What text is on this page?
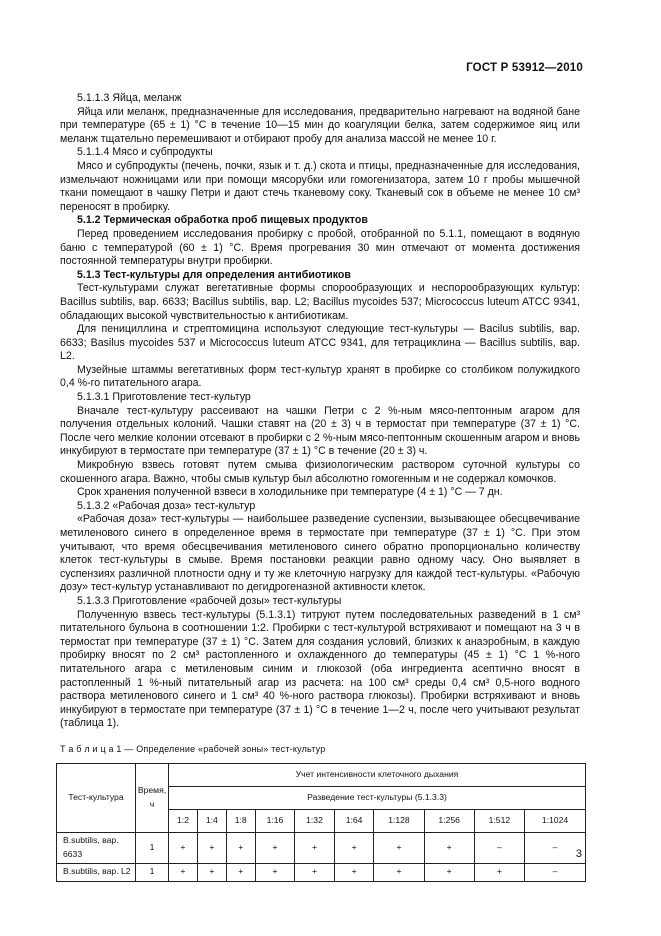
ГОСТ Р 53912—2010

5.1.1.3 Яйца, меланж

Яйца или меланж, предназначенные для исследования, предварительно нагревают на водяной бане при температуре (65 ± 1) °С в течение 10—15 мин до коагуляции белка, затем содержимое яиц или меланж тщательно перемешивают и отбирают пробу для анализа массой не менее 10 г.

5.1.1.4 Мясо и субпродукты

Мясо и субпродукты (печень, почки, язык и т. д.) скота и птицы, предназначенные для исследования, измельчают ножницами или при помощи мясорубки или гомогенизатора, затем 10 г пробы мышечной ткани помещают в чашку Петри и дают стечь тканевому соку. Тканевый сок в объеме не менее 10 см³ переносят в пробирку.

5.1.2 Термическая обработка проб пищевых продуктов

Перед проведением исследования пробирку с пробой, отобранной по 5.1.1, помещают в водяную баню с температурой (60 ± 1) °С. Время прогревания 30 мин отмечают от момента достижения постоянной температуры внутри пробирки.

5.1.3 Тест-культуры для определения антибиотиков

Тест-культурами служат вегетативные формы спорообразующих и неспорообразующих культур: Bacillus subtilis, вар. 6633; Bacillus subtilis, вар. L2; Bacillus mycoides 537; Micrococcus luteum ATCC 9341, обладающих высокой чувствительностью к антибиотикам.

Для пенициллина и стрептомицина используют следующие тест-культуры — Bacilus subtilis, вар. 6633; Basilus mycoides 537 и Micrococcus luteum ATCC 9341, для тетрациклина — Bacillus subtilis, вар. L2.

Музейные штаммы вегетативных форм тест-культур хранят в пробирке со столбиком полужидкого 0,4 %-го питательного агара.

5.1.3.1 Приготовление тест-культур

Вначале тест-культуру рассеивают на чашки Петри с 2 %-ным мясо-пептонным агаром для получения отдельных колоний. Чашки ставят на (20 ± 3) ч в термостат при температуре (37 ± 1) °С. После чего мелкие колонии отсевают в пробирки с 2 %-ным мясо-пептонным скошенным агаром и вновь инкубируют в термостате при температуре (37 ± 1) °С в течение (20 ± 3) ч.

Микробную взвесь готовят путем смыва физиологическим раствором суточной культуры со скошенного агара. Важно, чтобы смыв культур был абсолютно гомогенным и не содержал комочков.

Срок хранения полученной взвеси в холодильнике при температуре (4 ± 1) °С — 7 дн.

5.1.3.2 «Рабочая доза» тест-культур

«Рабочая доза» тест-культуры — наибольшее разведение суспензии, вызывающее обесцвечивание метиленового синего в определенное время в термостате при температуре (37 ± 1) °С. При этом учитывают, что время обесцвечивания метиленового синего обратно пропорционально количеству клеток тест-культуры в смыве. Время постановки реакции равно одному часу. Оно выявляет в суспензиях различной плотности одну и ту же клеточную нагрузку для каждой тест-культуры. «Рабочую дозу» тест-культур устанавливают по дегидрогеназной активности клеток.

5.1.3.3 Приготовление «рабочей дозы» тест-культуры

Полученную взвесь тест-культуры (5.1.3.1) титруют путем последовательных разведений в 1 см³ питательного бульона в соотношении 1:2. Пробирки с тест-культурой встряхивают и помещают на 3 ч в термостат при температуре (37 ± 1) °С. Затем для создания условий, близких к анаэробным, в каждую пробирку вносят по 2 см³ растопленного и охлажденного до температуры (45 ± 1) °С 1 %-ного питательного агара с метиленовым синим и глюкозой (оба ингредиента асептично вносят в растопленный 1 %-ный питательный агар из расчета: на 100 см³ среды 0,4 см³ 0,5-ного водного раствора метиленового синего и 1 см³ 40 %-ного раствора глюкозы). Пробирки встряхивают и вновь инкубируют в термостате при температуре (37 ± 1) °С в течение 1—2 ч, после чего учитывают результат (таблица 1).

Т а б л и ц а 1 — Определение «рабочей зоны» тест-культур
Тест-культура	Время, ч	Учет интенсивности клеточного дыхания									
		Разведение тест-культуры (5.1.3.3)									
		1:2	1:4	1:8	1:16	1:32	1:64	1:128	1:256	1:512	1:1024
B.subtilis, вар. 6633	1	+	+	+	+	+	+	+	+	–	–
B.subtilis, вар. L2	1	+	+	+	+	+	+	+	+	+	–
3
